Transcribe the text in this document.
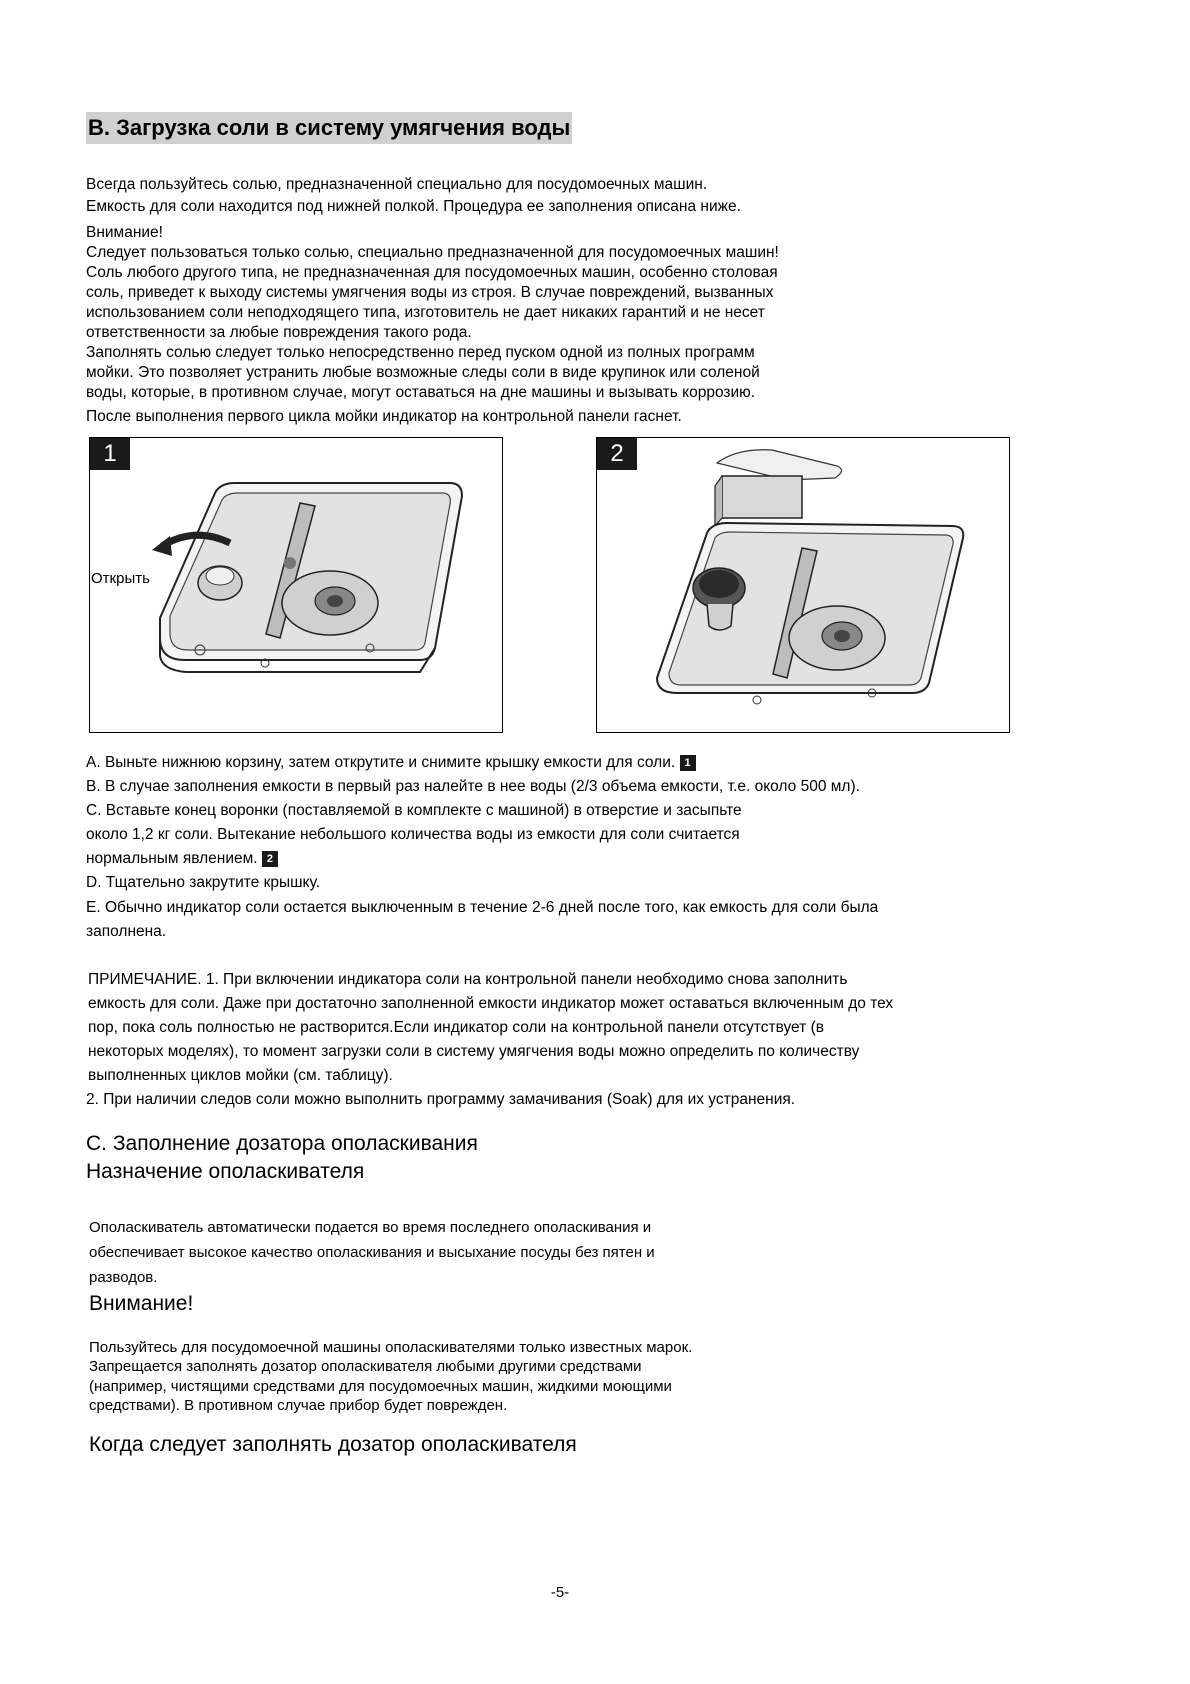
B. Загрузка соли в систему умягчения воды
Всегда пользуйтесь солью, предназначенной специально для посудомоечных машин.
Емкость для соли находится под нижней полкой. Процедура ее заполнения описана ниже.
Внимание!
Следует пользоваться только солью, специально предназначенной для посудомоечных машин!
Соль любого другого типа, не предназначенная для посудомоечных машин, особенно столовая
соль, приведет к выходу системы умягчения воды из строя. В случае повреждений, вызванных
использованием соли неподходящего типа, изготовитель не дает никаких гарантий и не несет
ответственности за любые повреждения такого рода.
Заполнять солью следует только непосредственно перед пуском одной из полных программ
мойки. Это позволяет устранить любые возможные следы соли в виде крупинок или соленой
воды, которые, в противном случае, могут оставаться на дне машины и вызывать коррозию.
После выполнения первого цикла мойки индикатор на контрольной панели гаснет.
1
Открыть
2
A. Выньте нижнюю корзину, затем открутите и снимите крышку емкости для соли. 1
B. В случае заполнения емкости в первый раз налейте в нее воды (2/3 объема емкости, т.е. около 500 мл).
C. Вставьте конец воронки (поставляемой в комплекте с машиной) в отверстие и засыпьте
около 1,2 кг соли. Вытекание небольшого количества воды из емкости для соли считается
нормальным явлением. 2
D. Тщательно закрутите крышку.
E. Обычно индикатор соли остается выключенным в течение 2-6 дней после того, как емкость для соли была
заполнена.
ПРИМЕЧАНИЕ. 1. При включении индикатора соли на контрольной панели необходимо снова заполнить
емкость для соли. Даже при достаточно заполненной емкости индикатор может оставаться включенным до тех
пор, пока соль полностью не растворится.Если индикатор соли на контрольной панели отсутствует (в
некоторых моделях), то момент загрузки соли в систему умягчения воды можно определить по количеству
выполненных циклов мойки (см. таблицу).
2. При наличии следов соли можно выполнить программу замачивания (Soak) для их устранения.
C. Заполнение дозатора ополаскивания
Назначение ополаскивателя
Ополаскиватель автоматически подается во время последнего ополаскивания и
обеспечивает высокое качество ополаскивания и высыхание посуды без пятен и
разводов.
Внимание!
Пользуйтесь для посудомоечной машины ополаскивателями только известных марок.
Запрещается заполнять дозатор ополаскивателя любыми другими средствами
(например, чистящими средствами для посудомоечных машин, жидкими моющими
средствами). В противном случае прибор будет поврежден.
Когда следует заполнять дозатор ополаскивателя
-5-
